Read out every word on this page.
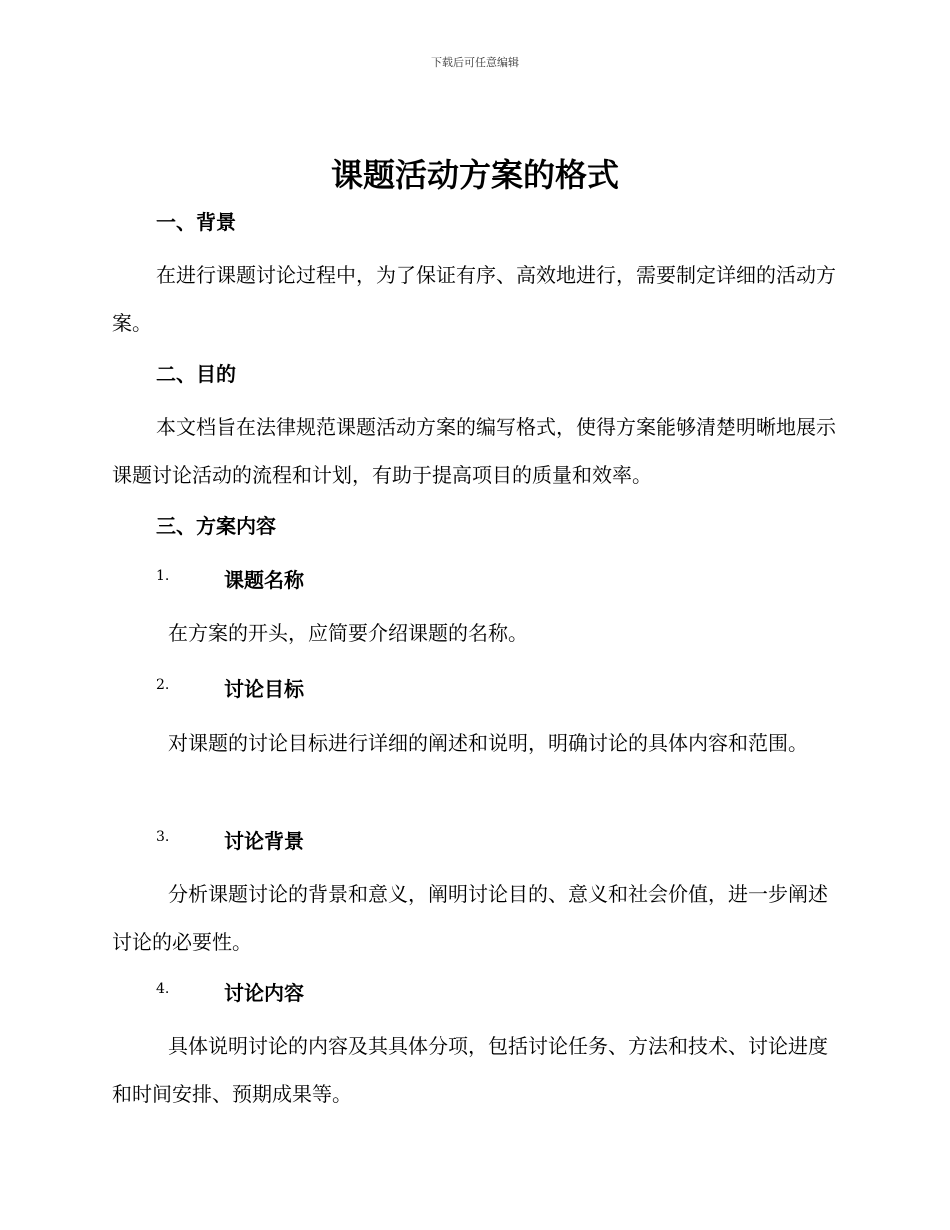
下载后可任意编辑
课题活动方案的格式
一、背景
在进行课题讨论过程中，为了保证有序、高效地进行，需要制定详细的活动方案。
二、目的
本文档旨在法律规范课题活动方案的编写格式，使得方案能够清楚明晰地展示课题讨论活动的流程和计划，有助于提高项目的质量和效率。
三、方案内容
1.	课题名称
在方案的开头，应简要介绍课题的名称。
2.	讨论目标
对课题的讨论目标进行详细的阐述和说明，明确讨论的具体内容和范围。
3.	讨论背景
分析课题讨论的背景和意义，阐明讨论目的、意义和社会价值，进一步阐述讨论的必要性。
4.	讨论内容
具体说明讨论的内容及其具体分项，包括讨论任务、方法和技术、讨论进度和时间安排、预期成果等。
